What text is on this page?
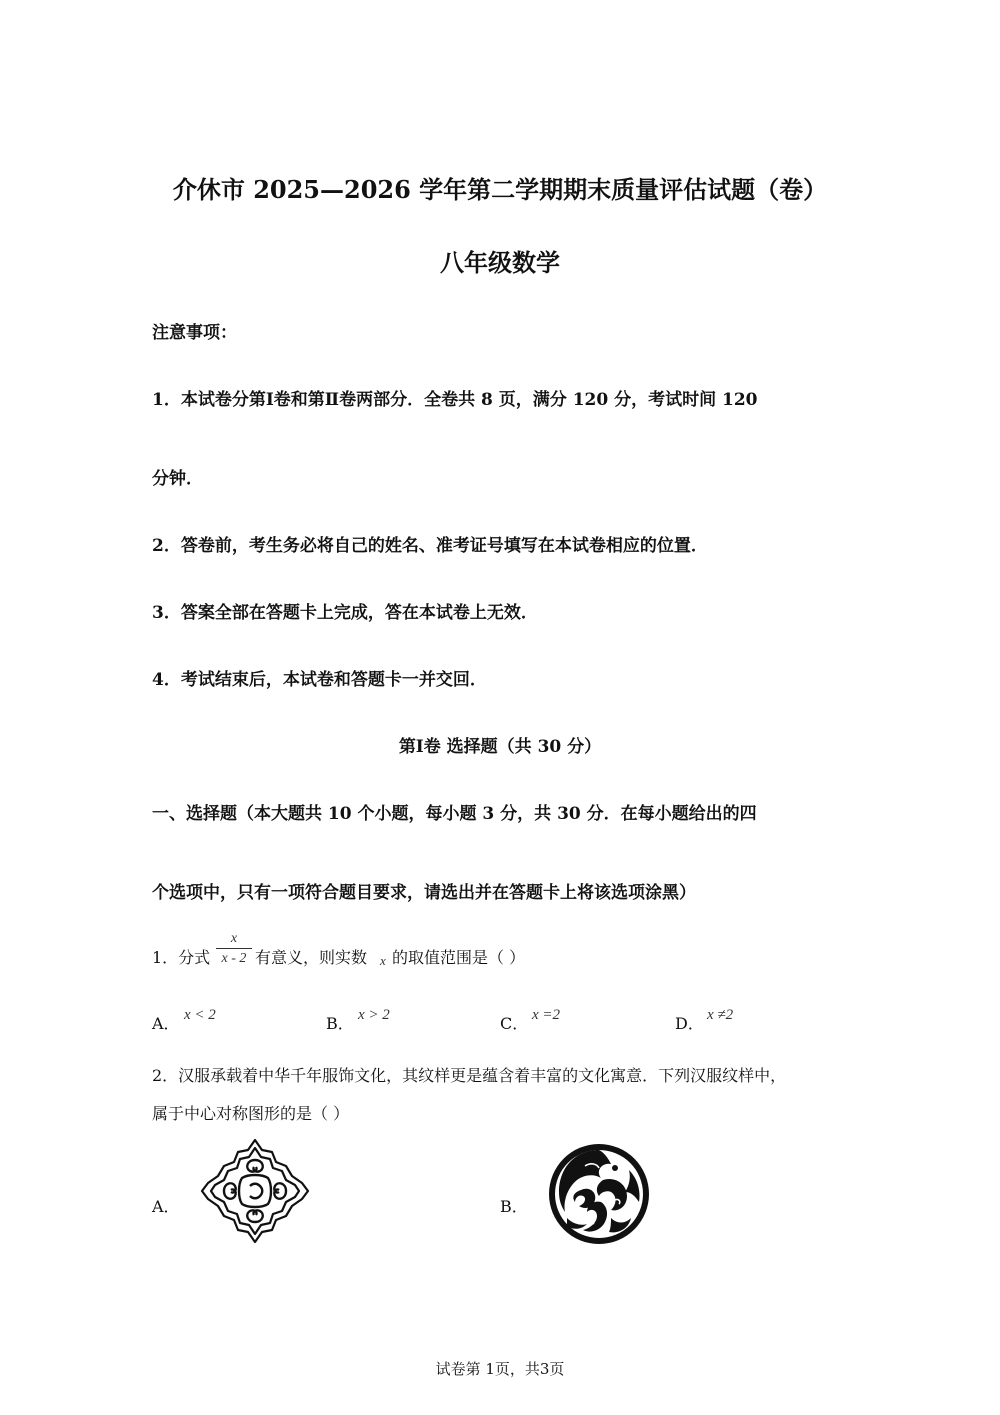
介休市 2025—2026 学年第二学期期末质量评估试题（卷）
八年级数学
注意事项：
1．本试卷分第Ⅰ卷和第Ⅱ卷两部分．全卷共 8 页，满分 120 分，考试时间 120
分钟．
2．答卷前，考生务必将自己的姓名、准考证号填写在本试卷相应的位置．
3．答案全部在答题卡上完成，答在本试卷上无效．
4．考试结束后，本试卷和答题卡一并交回．
第Ⅰ卷 选择题（共 30 分）
一、选择题（本大题共 10 个小题，每小题 3 分，共 30 分．在每小题给出的四
个选项中，只有一项符合题目要求，请选出并在答题卡上将该选项涂黑）
1．分式
x
x - 2 有意义，则实数 x 的取值范围是（ ）
A． x < 2	B． x > 2	C． x =2	D． x ≠2
2．汉服承载着中华千年服饰文化，其纹样更是蕴含着丰富的文化寓意．下列汉服纹样中，
属于中心对称图形的是（ ）
A．	B．
试卷第 1页，共3页
